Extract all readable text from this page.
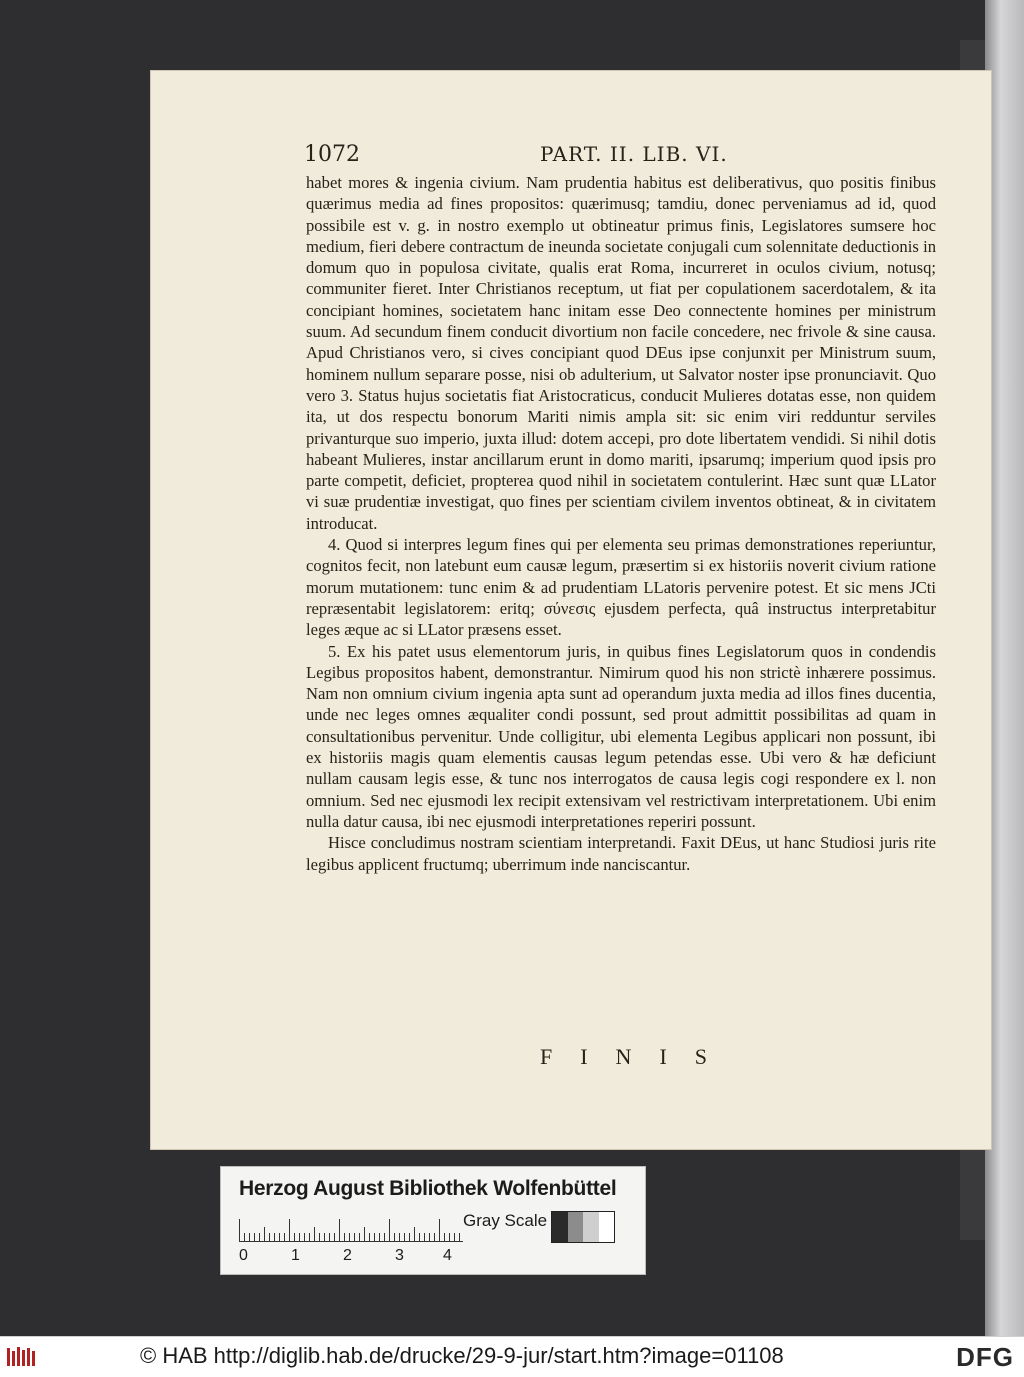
1072	PART. II. LIB. VI.

habet mores & ingenia civium. Nam prudentia habitus est deliberativus, quo positis finibus quærimus media ad fines propositos: quærimusq; tamdiu, donec perveniamus ad id, quod possibile est v. g. in nostro exemplo ut obtineatur primus finis, Legislatores sumsere hoc medium, fieri debere contractum de ineunda societate conjugali cum solennitate deductionis in domum quo in populosa civitate, qualis erat Roma, incurreret in oculos civium, notusq; communiter fieret. Inter Christianos receptum, ut fiat per copulationem sacerdotalem, & ita concipiant homines, societatem hanc initam esse Deo connectente homines per ministrum suum. Ad secundum finem conducit divortium non facile concedere, nec frivole & sine causa. Apud Christianos vero, si cives concipiant quod DEus ipse conjunxit per Ministrum suum, hominem nullum separare posse, nisi ob adulterium, ut Salvator noster ipse pronunciavit. Quo vero 3. Status hujus societatis fiat Aristocraticus, conducit Mulieres dotatas esse, non quidem ita, ut dos respectu bonorum Mariti nimis ampla sit: sic enim viri redduntur serviles privanturque suo imperio, juxta illud: dotem accepi, pro dote libertatem vendidi. Si nihil dotis habeant Mulieres, instar ancillarum erunt in domo mariti, ipsarumq; imperium quod ipsis pro parte competit, deficiet, propterea quod nihil in societatem contulerint. Hæc sunt quæ LLator vi suæ prudentiæ investigat, quo fines per scientiam civilem inventos obtineat, & in civitatem introducat.

4. Quod si interpres legum fines qui per elementa seu primas demonstrationes reperiuntur, cognitos fecit, non latebunt eum causæ legum, præsertim si ex historiis noverit civium ratione morum mutationem: tunc enim & ad prudentiam LLatoris pervenire potest. Et sic mens JCti repræsentabit legislatorem: eritq; σύνεσις ejusdem perfecta, quâ instructus interpretabitur leges æque ac si LLator præsens esset.

5. Ex his patet usus elementorum juris, in quibus fines Legislatorum quos in condendis Legibus propositos habent, demonstrantur. Nimirum quod his non strictè inhærere possimus. Nam non omnium civium ingenia apta sunt ad operandum juxta media ad illos fines ducentia, unde nec leges omnes æqualiter condi possunt, sed prout admittit possibilitas ad quam in consultationibus pervenitur. Unde colligitur, ubi elementa Legibus applicari non possunt, ibi ex historiis magis quam elementis causas legum petendas esse. Ubi vero & hæ deficiunt nullam causam legis esse, & tunc nos interrogatos de causa legis cogi respondere ex l. non omnium. Sed nec ejusmodi lex recipit extensivam vel restrictivam interpretationem. Ubi enim nulla datur causa, ibi nec ejusmodi interpretationes reperiri possunt.

Hisce concludimus nostram scientiam interpretandi. Faxit DEus, ut hanc Studiosi juris rite legibus applicent fructumq; uberrimum inde nanciscantur.

FINIS
Herzog August Bibliothek Wolfenbüttel
0	1	2	3 4
Gray Scale
© HAB http://diglib.hab.de/drucke/29-9-jur/start.htm?image=01108	DFG
